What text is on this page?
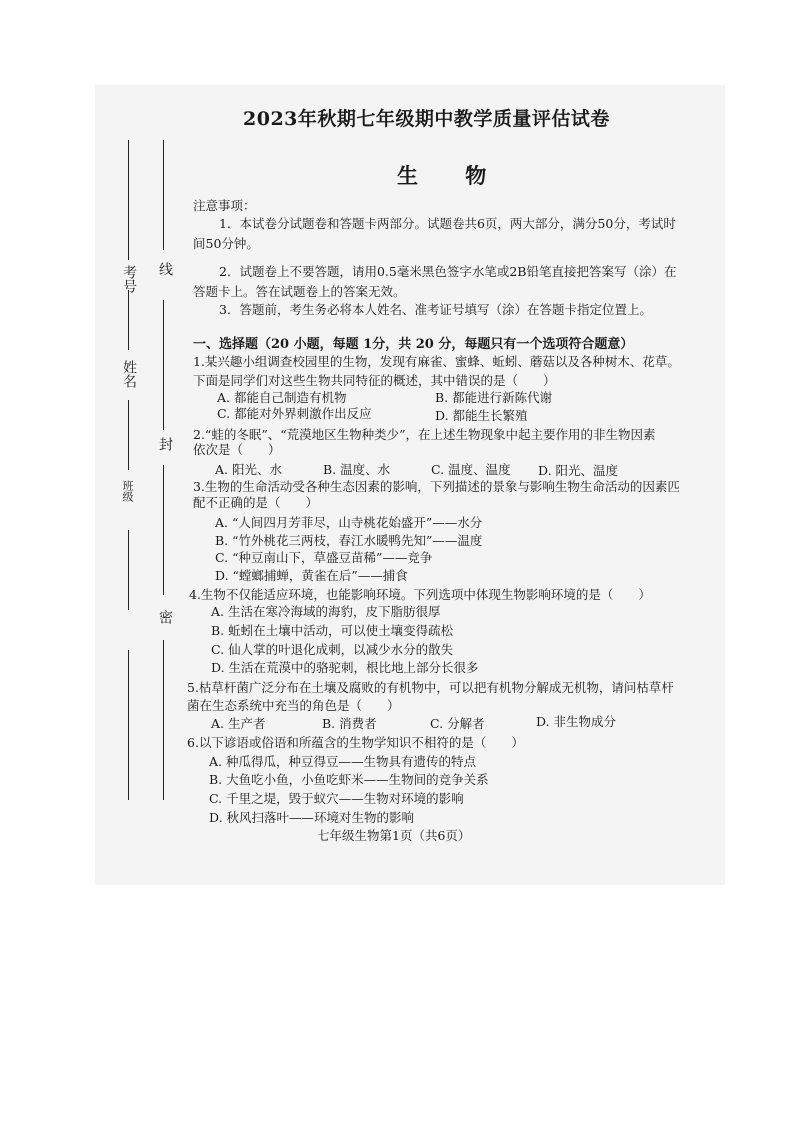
考号
姓名
班级
线
封
密
2023年秋期七年级期中教学质量评估试卷
生 物
注意事项：
1．本试卷分试题卷和答题卡两部分。试题卷共6页，两大部分，满分50分，考试时
间50分钟。
2．试题卷上不要答题，请用0.5毫米黑色签字水笔或2B铅笔直接把答案写（涂）在
答题卡上。答在试题卷上的答案无效。
3．答题前，考生务必将本人姓名、准考证号填写（涂）在答题卡指定位置上。
一、选择题（20 小题，每题 1分，共 20 分，每题只有一个选项符合题意）
1.某兴趣小组调查校园里的生物，发现有麻雀、蜜蜂、蚯蚓、蘑菇以及各种树木、花草。
下面是同学们对这些生物共同特征的概述，其中错误的是（　　）
A. 都能自己制造有机物	B. 都能进行新陈代谢
C. 都能对外界刺激作出反应	D. 都能生长繁殖
2.“蛙的冬眠”、“荒漠地区生物种类少”，在上述生物现象中起主要作用的非生物因素
依次是（　　）
A. 阳光、水	B. 温度、水	C. 温度、温度 D. 阳光、温度
3.生物的生命活动受各种生态因素的影响，下列描述的景象与影响生物生命活动的因素匹
配不正确的是（　　）
A. “人间四月芳菲尽，山寺桃花始盛开”——水分
B. “竹外桃花三两枝，春江水暖鸭先知”——温度
C. “种豆南山下，草盛豆苗稀”——竞争
D. “螳螂捕蝉，黄雀在后”——捕食
4.生物不仅能适应环境，也能影响环境。下列选项中体现生物影响环境的是（　　）
A. 生活在寒冷海域的海豹，皮下脂肪很厚
B. 蚯蚓在土壤中活动，可以使土壤变得疏松
C. 仙人掌的叶退化成刺，以减少水分的散失
D. 生活在荒漠中的骆驼刺，根比地上部分长很多
5.枯草杆菌广泛分布在土壤及腐败的有机物中，可以把有机物分解成无机物，请问枯草杆
菌在生态系统中充当的角色是（　　）
A. 生产者	B. 消费者	C. 分解者	D. 非生物成分
6.以下谚语或俗语和所蕴含的生物学知识不相符的是（　　）
A. 种瓜得瓜，种豆得豆——生物具有遗传的特点
B. 大鱼吃小鱼，小鱼吃虾米——生物间的竞争关系
C. 千里之堤，毁于蚁穴——生物对环境的影响
D. 秋风扫落叶——环境对生物的影响
七年级生物第1页（共6页）
